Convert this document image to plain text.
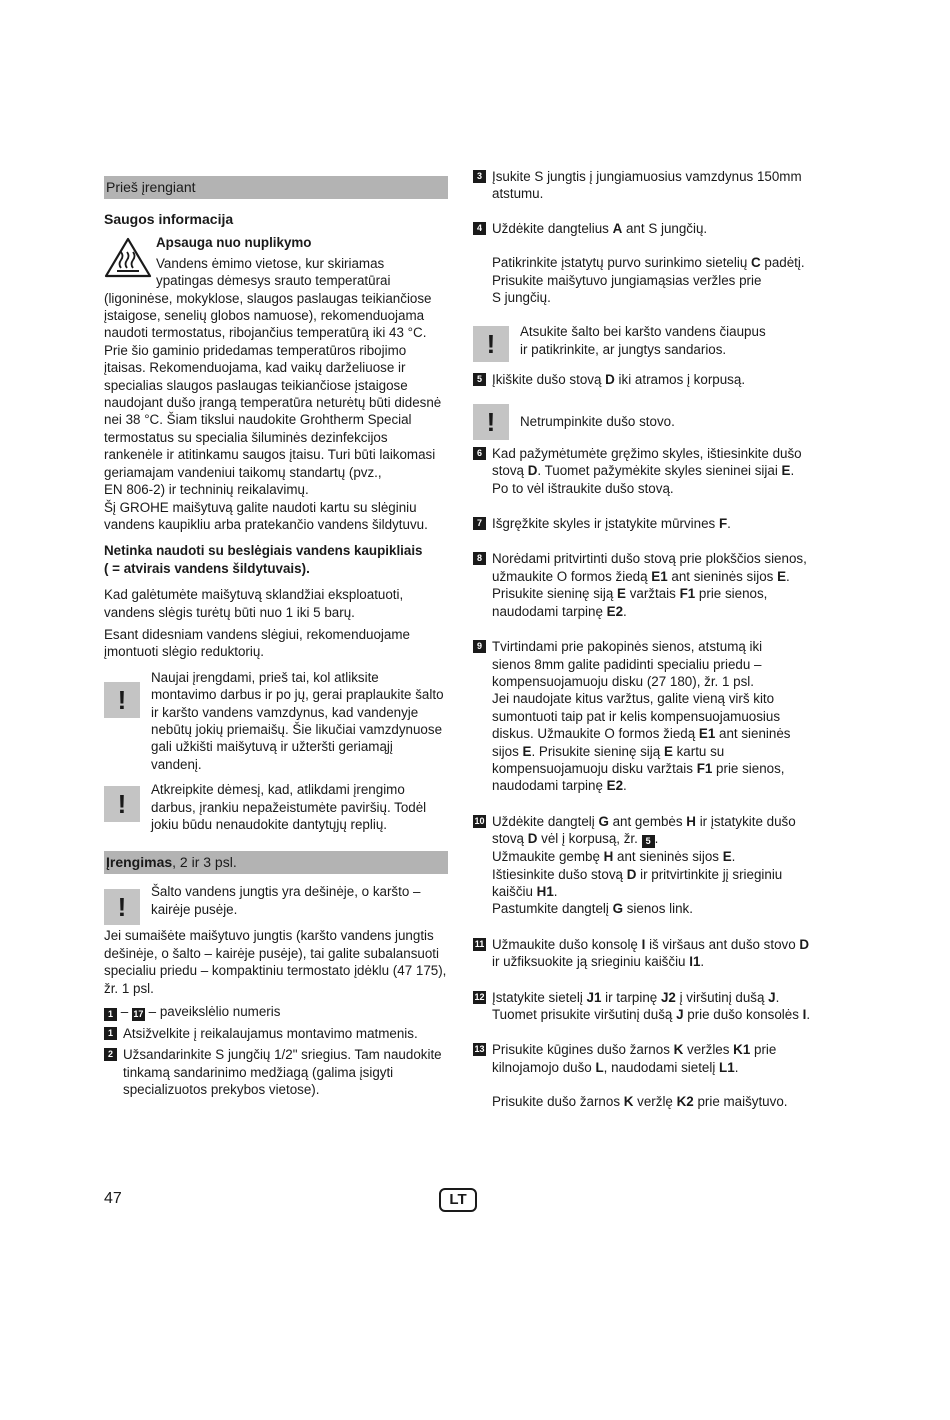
Prieš įrengiant
Saugos informacija
Apsauga nuo nuplikymo

Vandens ėmimo vietose, kur skiriamas

ypatingas dėmesys srauto temperatūrai

(ligoninėse, mokyklose, slaugos paslaugas teikiančiose

įstaigose, senelių globos namuose), rekomenduojama

naudoti termostatus, ribojančius temperatūrą iki 43 °C.

Prie šio gaminio pridedamas temperatūros ribojimo

įtaisas. Rekomenduojama, kad vaikų darželiuose ir

specialias slaugos paslaugas teikiančiose įstaigose

naudojant dušo įrangą temperatūra neturėtų būti didesnė

nei 38 °C. Šiam tikslui naudokite Grohtherm Special

termostatus su specialia šiluminės dezinfekcijos

rankenėle ir atitinkamu saugos įtaisu. Turi būti laikomasi

geriamajam vandeniui taikomų standartų (pvz.,

EN 806-2) ir techninių reikalavimų.

Šį GROHE maišytuvą galite naudoti kartu su slėginiu

vandens kaupikliu arba pratekančio vandens šildytuvu.

Netinka naudoti su beslėgiais vandens kaupikliais

( = atvirais vandens šildytuvais).

Kad galėtumėte maišytuvą sklandžiai eksploatuoti,

vandens slėgis turėtų būti nuo 1 iki 5 barų.

Esant didesniam vandens slėgiui, rekomenduojame

įmontuoti slėgio reduktorių.

!

Naujai įrengdami, prieš tai, kol atliksite

montavimo darbus ir po jų, gerai praplaukite šalto

ir karšto vandens vamzdynus, kad vandenyje

nebūtų jokių priemaišų. Šie likučiai vamzdynuose

gali užkišti maišytuvą ir užteršti geriamąjį

vandenį.

!	Atkreipkite dėmesį, kad, atlikdami įrengimo

darbus, įrankiu nepažeistumėte paviršių. Todėl

jokiu būdu nenaudokite dantytųjų replių.

Įrengimas, 2 ir 3 psl.
!

Šalto vandens jungtis yra dešinėje, o karšto –

kairėje pusėje.

Jei sumaišėte maišytuvo jungtis (karšto vandens jungtis

dešinėje, o šalto – kairėje pusėje), tai galite subalansuoti

specialiu priedu – kompaktiniu termostato įdėklu (47 175),

žr. 1 psl.

1 – 17 – paveikslėlio numeris
1 Atsižvelkite į reikalaujamus montavimo matmenis.

2 Užsandarinkite S jungčių 1/2" sriegius. Tam naudokite

tinkamą sandarinimo medžiagą (galima įsigyti

specializuotos prekybos vietose).

3 Įsukite S jungtis į jungiamuosius vamzdynus 150mm

atstumu.

4 Uždėkite dangtelius A ant S jungčių.

Patikrinkite įstatytų purvo surinkimo sietelių C padėtį.

Prisukite maišytuvo jungiamąsias veržles prie

S jungčių.

!	Atsukite šalto bei karšto vandens čiaupus

ir patikrinkite, ar jungtys sandarios.

5 Įkiškite dušo stovą D iki atramos į korpusą.

!	Netrumpinkite dušo stovo.

6 Kad pažymėtumėte gręžimo skyles, ištiesinkite dušo

stovą D. Tuomet pažymėkite skyles sieninei sijai E.

Po to vėl ištraukite dušo stovą.

7 Išgręžkite skyles ir įstatykite mūrvines F.

8 Norėdami pritvirtinti dušo stovą prie plokščios sienos,

užmaukite O formos žiedą E1 ant sieninės sijos E.

Prisukite sieninę siją E varžtais F1 prie sienos,

naudodami tarpinę E2.

9 Tvirtindami prie pakopinės sienos, atstumą iki

sienos 8mm galite padidinti specialiu priedu –

kompensuojamuoju disku (27 180), žr. 1 psl.

Jei naudojate kitus varžtus, galite vieną virš kito

sumontuoti taip pat ir kelis kompensuojamuosius

diskus. Užmaukite O formos žiedą E1 ant sieninės

sijos E. Prisukite sieninę siją E kartu su

kompensuojamuoju disku varžtais F1 prie sienos,

naudodami tarpinę E2.

10 Uždėkite dangtelį G ant gembės H ir įstatykite dušo

stovą D vėl į korpusą, žr. 5 .

Užmaukite gembę H ant sieninės sijos E.

Ištiesinkite dušo stovą D ir pritvirtinkite jį srieginiu

kaiščiu H1.

Pastumkite dangtelį G sienos link.

11 Užmaukite dušo konsolę I iš viršaus ant dušo stovo D

ir užfiksuokite ją srieginiu kaiščiu I1.

12 Įstatykite sietelį J1 ir tarpinę J2 į viršutinį dušą J.

Tuomet prisukite viršutinį dušą J prie dušo konsolės I.

13 Prisukite kūgines dušo žarnos K veržles K1 prie

kilnojamojo dušo L, naudodami sietelį L1.

Prisukite dušo žarnos K veržlę K2 prie maišytuvo.

47	LT
